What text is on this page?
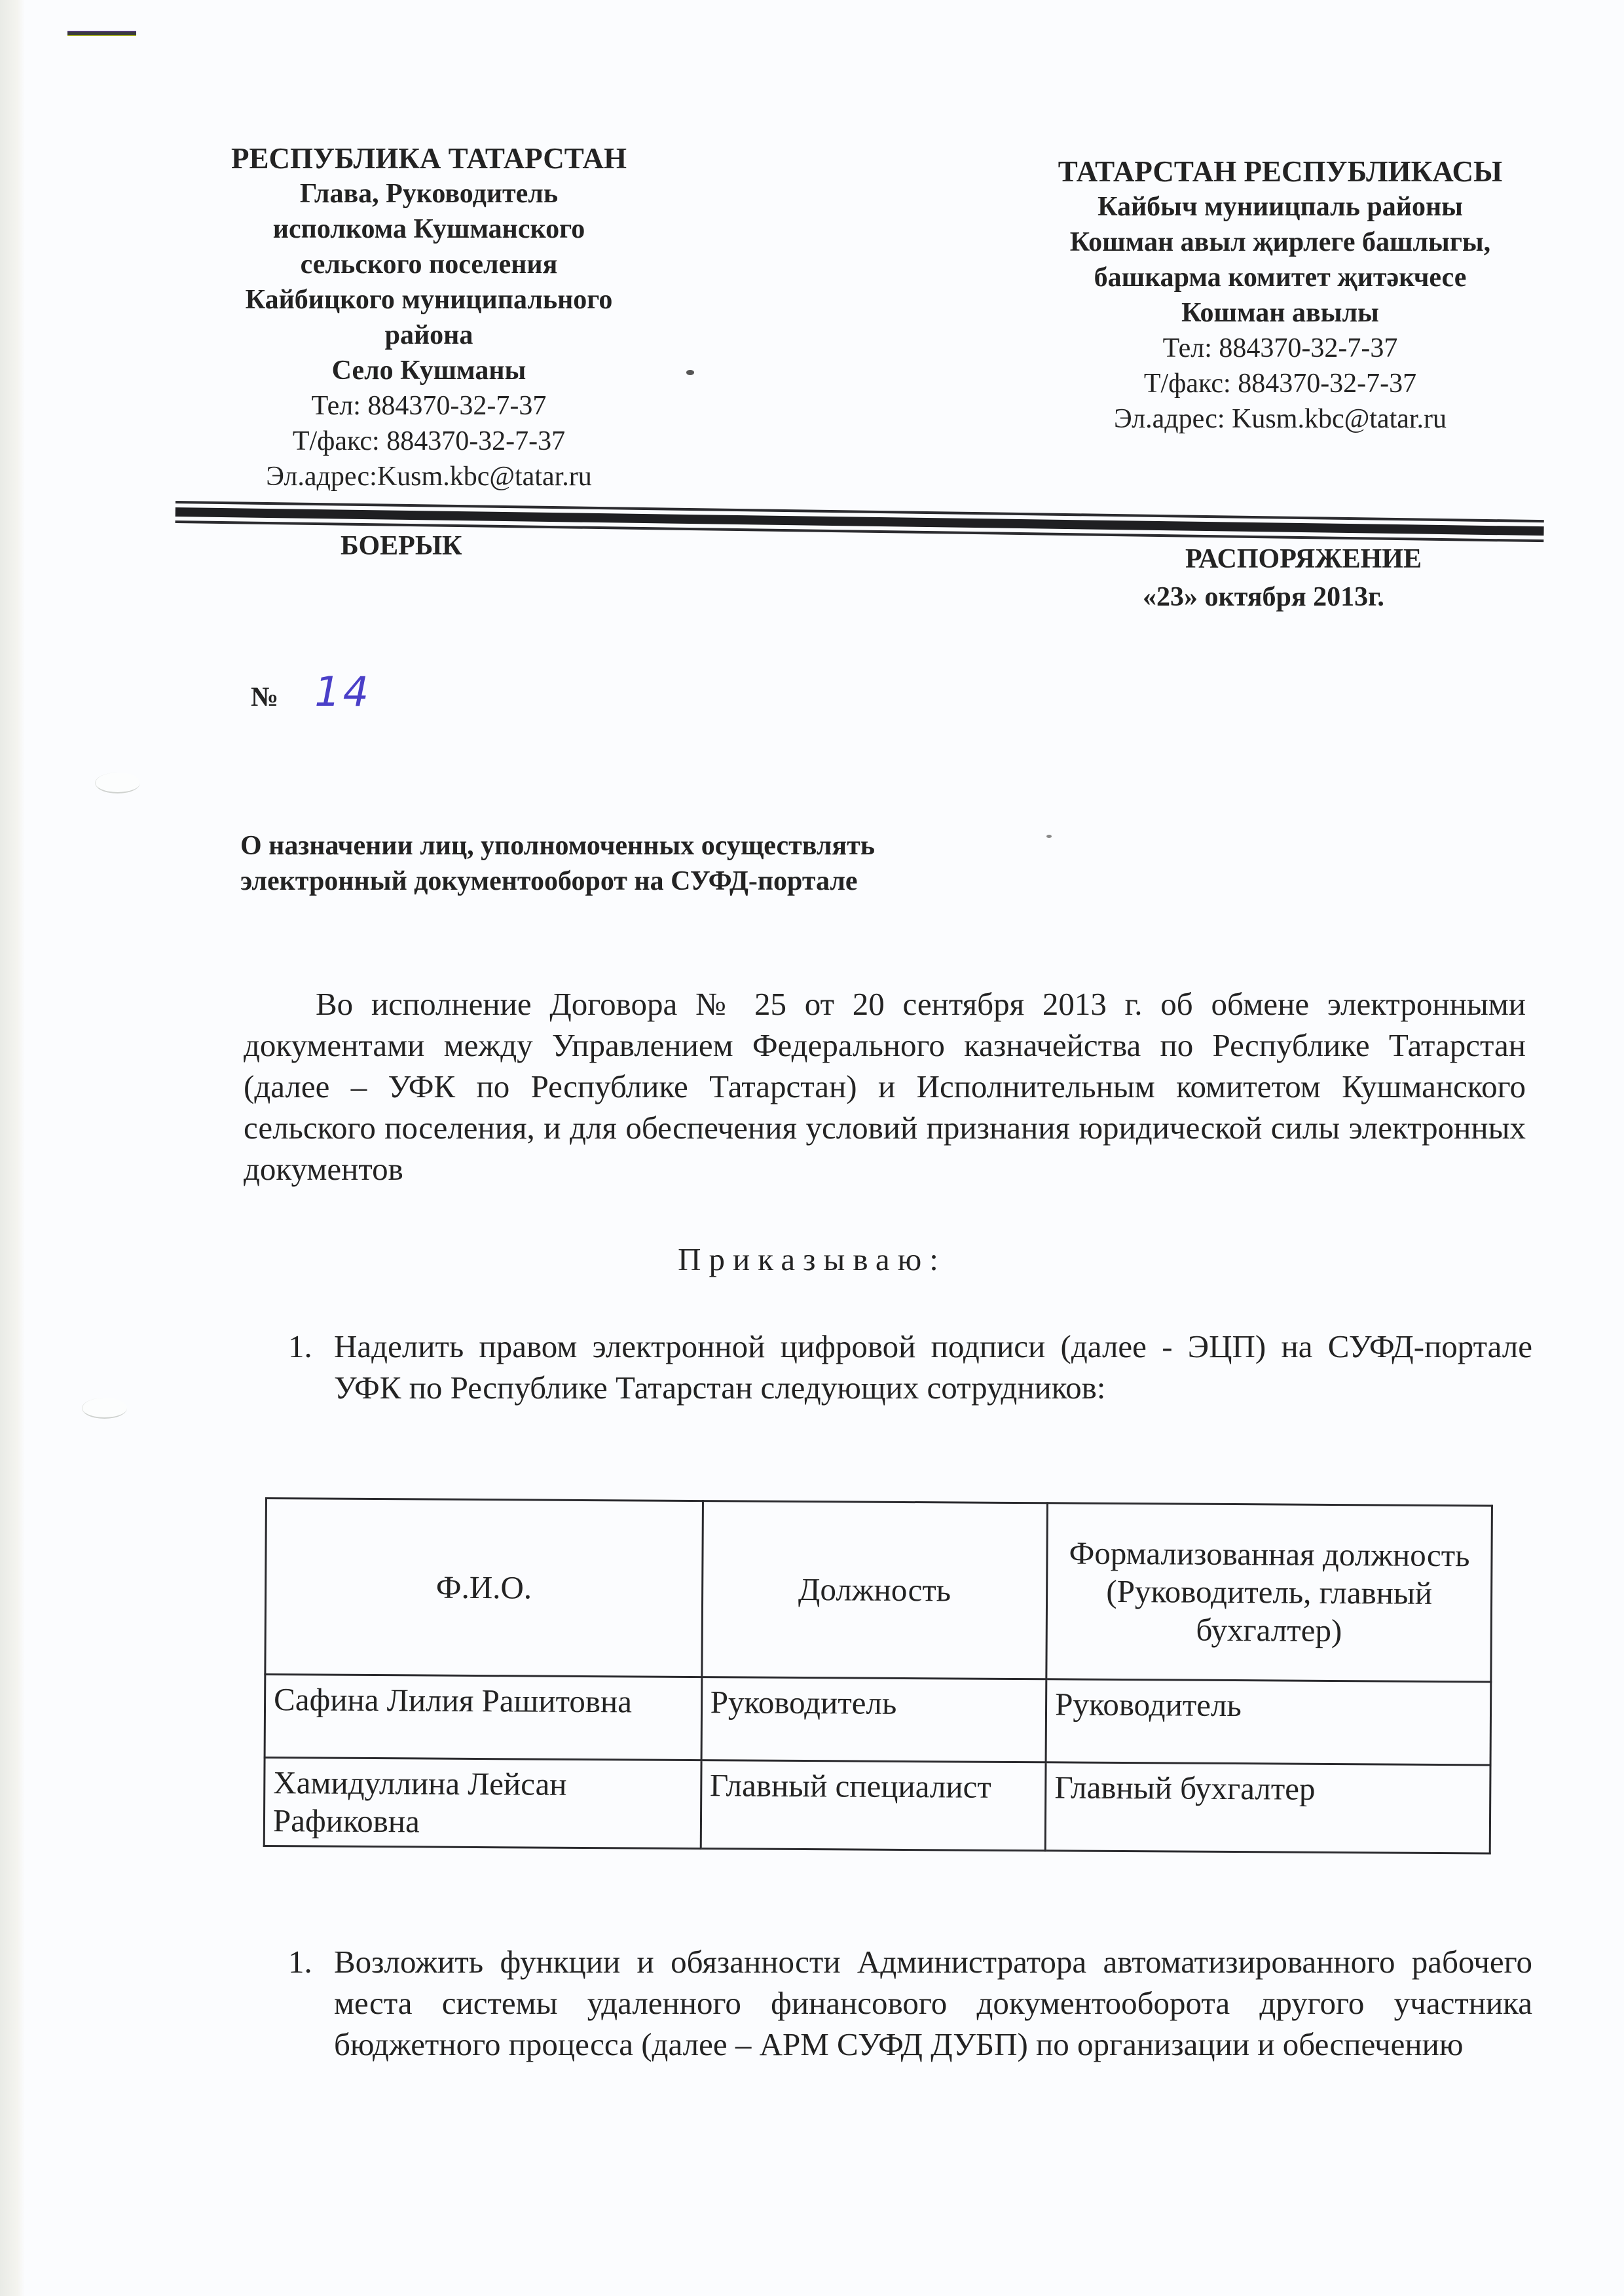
РЕСПУБЛИКА ТАТАРСТАН
Глава, Руководитель
исполкома Кушманского
сельского поселения
Кайбицкого муниципального
района
Село Кушманы
Тел: 884370-32-7-37
Т/факс: 884370-32-7-37
Эл.адрес:Kusm.kbc@tatar.ru
ТАТАРСТАН РЕСПУБЛИКАСЫ
Кайбыч муниицпаль районы
Кошман авыл җирлеге башлыгы,
башкарма комитет җитәкчесе
Кошман авылы
Тел: 884370-32-7-37
Т/факс: 884370-32-7-37
Эл.адрес: Kusm.kbc@tatar.ru
БОЕРЫК	РАСПОРЯЖЕНИЕ
«23» октября 2013г.
№ 14
О назначении лиц, уполномоченных осуществлять
электронный документооборот на СУФД-портале
Во исполнение Договора № 25 от 20 сентября 2013 г. об обмене электронными документами между Управлением Федерального казначейства по Республике Татарстан (далее – УФК по Республике Татарстан) и Исполнительным комитетом Кушманского сельского поселения, и для обеспечения условий признания юридической силы электронных документов
Приказываю:
1. Наделить правом электронной цифровой подписи (далее - ЭЦП) на СУФД-портале УФК по Республике Татарстан следующих сотрудников:
Ф.И.О.	Должность	Формализованная должность (Руководитель, главный бухгалтер)
Сафина Лилия Рашитовна	Руководитель	Руководитель
Хамидуллина Лейсан Рафиковна	Главный специалист	Главный бухгалтер
1. Возложить функции и обязанности Администратора автоматизированного рабочего места системы удаленного финансового документооборота другого участника бюджетного процесса (далее – АРМ СУФД ДУБП) по организации и обеспечению
